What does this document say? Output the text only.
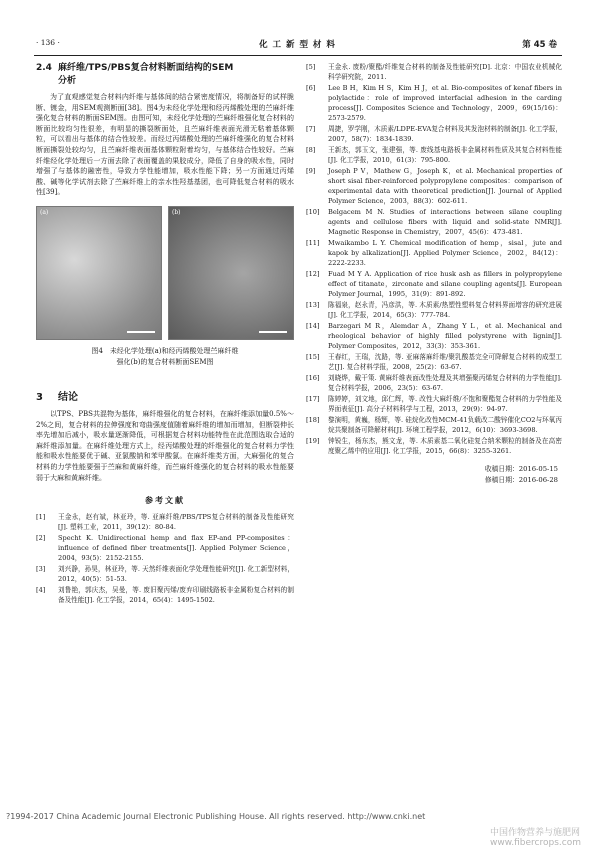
· 136 ·	化 工 新 型 材 料	第 45 卷
2.4 麻纤维/TPS/PBS复合材料断面结构的SEM
分析

为了直观感觉复合材料内纤维与基体间的结合紧密度情况，将制备好的试样脆断、镀金，用SEM观测断面[38]。图4为未经化学处理和经丙烯酸处理的苎麻纤维强化复合材料的断面SEM图。由图可知，未经化学处理的苎麻纤维强化复合材料的断面比较均匀性很差，有明显的撕裂断面处，且苎麻纤维表面光滑无粘着基体颗粒，可以看出与基体的结合性较差。而经过丙烯酸处理的苎麻纤维强化的复合材料断面撕裂处较均匀，且苎麻纤维表面基体颗粒附着均匀，与基体结合性较好。苎麻纤维经化学处理后一方面去除了表面覆盖的果胶成分，降低了自身的吸水性，同时增强了与基体的融密性，导致力学性能增加，吸水性能下降；另一方面通过丙烯酸、碱等化学试剂去除了苎麻纤维上的亲水性羟基基团，也可降低复合材料的吸水性[39]。

(a)	(b)
图4　未经化学处理(a)和经丙烯酸处理苎麻纤维
强化(b)的复合材料断面SEM图
3 结论

以TPS、PBS共混物为基体，麻纤维强化的复合材料，在麻纤维添加量0.5%～2%之间，复合材料的拉伸强度和弯曲强度值随着麻纤维的增加而增加，但断裂伸长率先增加后减小，吸水量逐渐降低，可根据复合材料功能特性在此范围选取合适的麻纤维添加量。在麻纤维处理方式上，经丙烯酸处理的纤维强化的复合材料力学性能和吸水性能要优于碱、亚氯酸钠和苯甲酸氯。在麻纤维类方面，大麻强化的复合材料的力学性能要强于苎麻和黄麻纤维，而苎麻纤维强化的复合材料的吸水性能要弱于大麻和黄麻纤维。

参考文献
[1]	王金永，赵有斌，林亚玲，等. 亚麻纤维/PBS/TPS复合材料的制备及性能研究[J]. 塑料工业，2011，39(12)：80-84.
[2]	Specht K. Unidirectional hemp and flax EP-and PP-composites：influence of defined fiber treatments[J]. Applied Polymer Science，2004，93(5)：2152-2155.
[3]	刘兴静，孙昊，林亚玲，等. 天然纤维表面化学处理性能研究[J]. 化工新型材料，2012，40(5)：51-53.
[4]	刘鲁艳，郭庆杰，吴曼，等. 废旧聚丙烯/废弃印刷线路板非金属粉复合材料的制备及性能[J]. 化工学报，2014，65(4)：1495-1502.
[5]	王金永. 废粉/聚酯/纤维复合材料的制备及性能研究[D]. 北京：中国农业机械化科学研究院，2011.
[6]	Lee B H，Kim H S，Kim H J，et al. Bio-composites of kenaf fibers in polylactide：role of improved interfacial adhesion in the carding process[J]. Composites Science and Technology，2009，69(15/16)：2573-2579.
[7]	周捷，罗学刚，木质素/LDPE-EVA复合材料及其发泡材料的制备[J]. 化工学报，2007，58(7)：1834-1839.
[8]	王新杰，郭玉文，张建强，等. 废线基电路板非金属材料性质及其复合材料性能[J]. 化工学报，2010，61(3)：795-800.
[9]	Joseph P V，Mathew G，Joseph K，et al. Mechanical properties of short sisal fiber-reinforced polypropylene composites：comparison of experimental data with theoretical prediction[J]. Journal of Applied Polymer Science，2003，88(3)：602-611.
[10]	Belgacem M N. Studies of interactions between silane coupling agents and cellulose fibers with liquid and solid-state NMR[J]. Magnetic Response in Chemistry，2007，45(6)：473-481.
[11]	Mwaikambo L Y. Chemical modification of hemp，sisal，jute and kapok by alkalization[J]. Applied Polymer Science，2002，84(12)：2222-2233.
[12]	Fuad M Y A. Application of rice husk ash as fillers in polypropylene effect of titanate，zirconate and silane coupling agents[J]. European Polymer Journal，1995，31(9)：891-892.
[13]	陈福泉，赵永青，冯彦洪，等. 木质素/热塑性塑料复合材料界面增容的研究进展[J]. 化工学报，2014，65(3)：777-784.
[14]	Barzegari M R，Alemdar A，Zhang Y L，et al. Mechanical and rheological behavior of highly filled polystyrene with lignin[J]. Polymer Composites，2012，33(3)：353-361.
[15]	王春红，王瑞，沈路，等. 亚麻落麻纤维/聚乳酸基完全可降解复合材料的成型工艺[J]. 复合材料学报，2008，25(2)：63-67.
[16]	刘晓烨，戴干策. 黄麻纤维表面改性处理及其增强聚丙烯复合材料的力学性能[J]. 复合材料学报，2006，23(5)：63-67.
[17]	陈婷婷，刘文地，邱仁辉，等. 改性大麻纤维/不饱和聚酯复合材料的力学性能及界面表征[J]. 高分子材料科学与工程，2013，29(9)：94-97.
[18]	黎演明，黄巍，杨辉，等. 硅烷化改性MCM-41负载改二酸锌催化CO2与环氧丙烷共聚制备可降解材料[J]. 环境工程学报，2012，6(10)：3693-3698.
[19]	钟锐生，杨东杰，熊文龙，等. 木质素基二氧化硅复合纳米颗粒的制备及在高密度聚乙烯中的应用[J]. 化工学报，2015，66(8)：3255-3261.
收稿日期：2016-05-15
修稿日期：2016-06-28
?1994-2017 China Academic Journal Electronic Publishing House. All rights reserved. http://www.cnki.net
中国作物营养与施肥网 www.fibercrops.com
